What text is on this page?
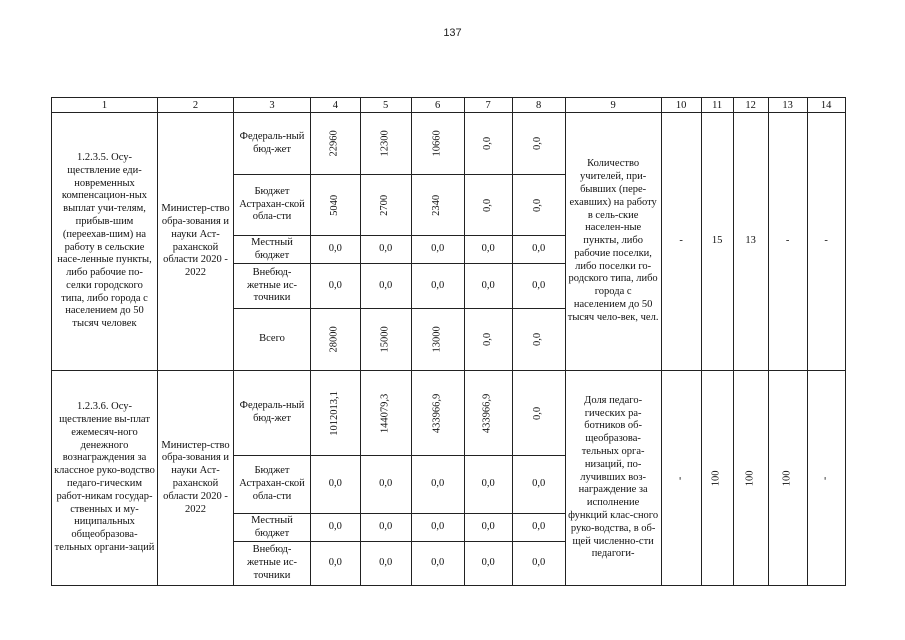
137
1	2	3	4	5	6	7	8	9	10	11	12	13	14
1.2.3.5. Осу-ществление еди-новременных компенсацион-ных выплат учи-телям, прибыв-шим (переехав-шим) на работу в сельские насе-ленные пункты, либо рабочие по-селки городского типа, либо города с населением до 50 тысяч человек	Министер-ство обра-зования и науки Аст-раханской области 2020 - 2022	Федераль-ный бюд-жет	22960	12300	10660	0,0	0,0	Количество учителей, при-бывших (пере-ехавших) на работу в сель-ские населен-ные пункты, либо рабочие поселки, либо поселки го-родского типа, либо города с населением до 50 тысяч чело-век, чел.	-	15	13	-	-
		Бюджет Астрахан-ской обла-сти	5040	2700	2340	0,0	0,0						
		Местный бюджет	0,0	0,0	0,0	0,0	0,0						
		Внебюд-жетные ис-точники	0,0	0,0	0,0	0,0	0,0						
		Всего	28000	15000	13000	0,0	0,0						
1.2.3.6. Осу-ществление вы-плат ежемесяч-ного денежного вознаграждения за классное руко-водство педаго-гическим работ-никам государ-ственных и му-ниципальных общеобразова-тельных органи-заций	Министер-ство обра-зования и науки Аст-раханской области 2020 - 2022	Федераль-ный бюд-жет	1012013,1	144079,3	433966,9	433966,9	0,0	Доля педаго-гических ра-ботников об-щеобразова-тельных орга-низаций, по-лучивших воз-награждение за исполнение функций клас-сного руко-водства, в об-щей численно-сти педагоги-	-	100	100	100	-
		Бюджет Астрахан-ской обла-сти	0,0	0,0	0,0	0,0	0,0						
		Местный бюджет	0,0	0,0	0,0	0,0	0,0						
		Внебюд-жетные ис-точники	0,0	0,0	0,0	0,0	0,0						
